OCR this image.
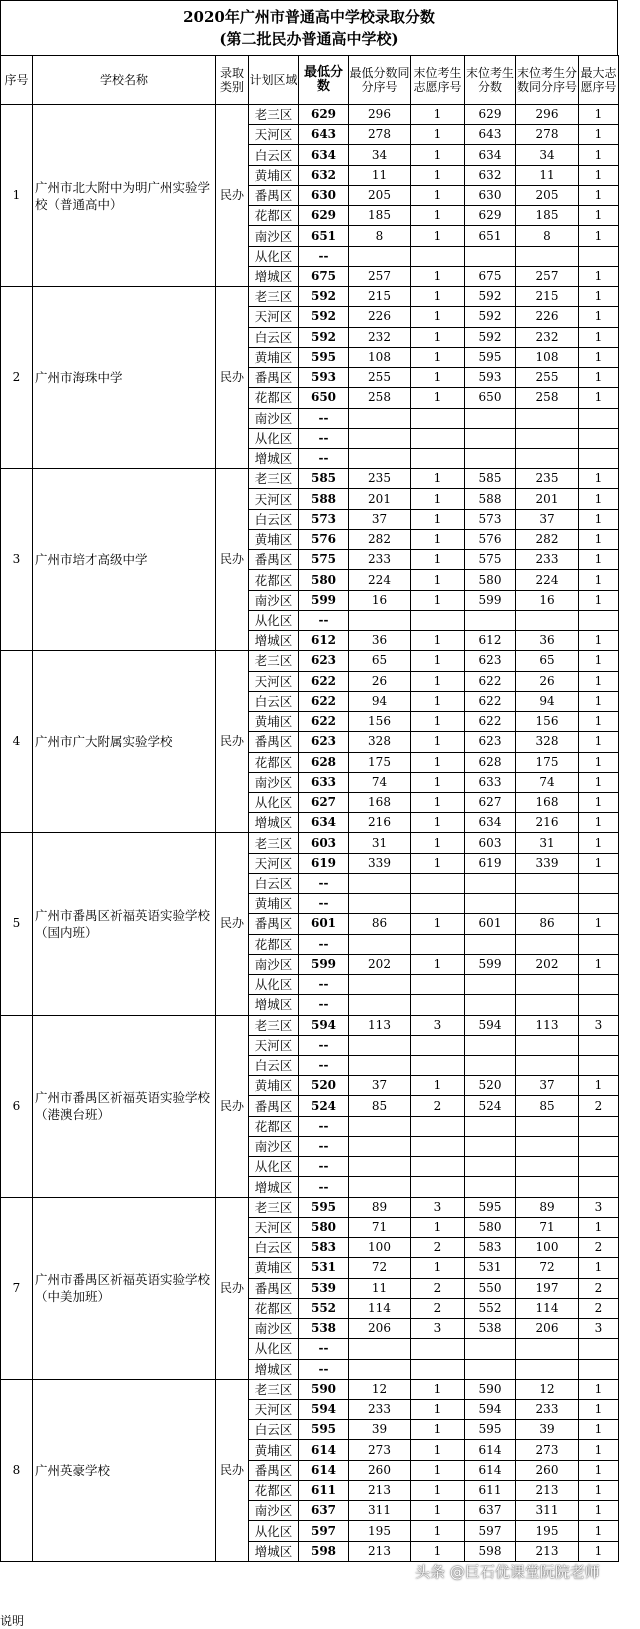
2020年广州市普通高中学校录取分数
(第二批民办普通高中学校)
序号	学校名称	录取类别	计划区域	最低分数	最低分数同分序号	末位考生志愿序号	末位考生分数	末位考生分数同分序号	最大志愿序号
1	广州市北大附中为明广州实验学校（普通高中）	民办	老三区	629	296	1	629	296	1
			天河区	643	278	1	643	278	1
			白云区	634	34	1	634	34	1
			黄埔区	632	11	1	632	11	1
			番禺区	630	205	1	630	205	1
			花都区	629	185	1	629	185	1
			南沙区	651	8	1	651	8	1
			从化区	--					
			增城区	675	257	1	675	257	1
2	广州市海珠中学	民办	老三区	592	215	1	592	215	1
			天河区	592	226	1	592	226	1
			白云区	592	232	1	592	232	1
			黄埔区	595	108	1	595	108	1
			番禺区	593	255	1	593	255	1
			花都区	650	258	1	650	258	1
			南沙区	--					
			从化区	--					
			增城区	--					
3	广州市培才高级中学	民办	老三区	585	235	1	585	235	1
			天河区	588	201	1	588	201	1
			白云区	573	37	1	573	37	1
			黄埔区	576	282	1	576	282	1
			番禺区	575	233	1	575	233	1
			花都区	580	224	1	580	224	1
			南沙区	599	16	1	599	16	1
			从化区	--					
			增城区	612	36	1	612	36	1
4	广州市广大附属实验学校	民办	老三区	623	65	1	623	65	1
			天河区	622	26	1	622	26	1
			白云区	622	94	1	622	94	1
			黄埔区	622	156	1	622	156	1
			番禺区	623	328	1	623	328	1
			花都区	628	175	1	628	175	1
			南沙区	633	74	1	633	74	1
			从化区	627	168	1	627	168	1
			增城区	634	216	1	634	216	1
5	广州市番禺区祈福英语实验学校（国内班）	民办	老三区	603	31	1	603	31	1
			天河区	619	339	1	619	339	1
			白云区	--					
			黄埔区	--					
			番禺区	601	86	1	601	86	1
			花都区	--					
			南沙区	599	202	1	599	202	1
			从化区	--					
			增城区	--					
6	广州市番禺区祈福英语实验学校（港澳台班）	民办	老三区	594	113	3	594	113	3
			天河区	--					
			白云区	--					
			黄埔区	520	37	1	520	37	1
			番禺区	524	85	2	524	85	2
			花都区	--					
			南沙区	--					
			从化区	--					
			增城区	--					
7	广州市番禺区祈福英语实验学校（中美加班）	民办	老三区	595	89	3	595	89	3
			天河区	580	71	1	580	71	1
			白云区	583	100	2	583	100	2
			黄埔区	531	72	1	531	72	1
			番禺区	539	11	2	550	197	2
			花都区	552	114	2	552	114	2
			南沙区	538	206	3	538	206	3
			从化区	--					
			增城区	--					
8	广州英豪学校	民办	老三区	590	12	1	590	12	1
			天河区	594	233	1	594	233	1
			白云区	595	39	1	595	39	1
			黄埔区	614	273	1	614	273	1
			番禺区	614	260	1	614	260	1
			花都区	611	213	1	611	213	1
			南沙区	637	311	1	637	311	1
			从化区	597	195	1	597	195	1
			增城区	598	213	1	598	213	1
说明
头条 @巨石优课堂阮院老师
